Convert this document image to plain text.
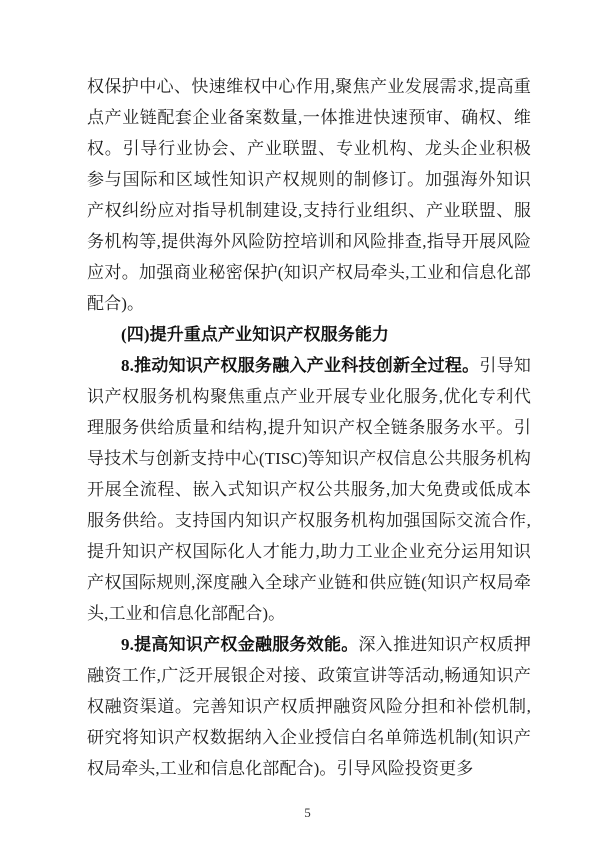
权保护中心、快速维权中心作用,聚焦产业发展需求,提高重点产业链配套企业备案数量,一体推进快速预审、确权、维权。引导行业协会、产业联盟、专业机构、龙头企业积极参与国际和区域性知识产权规则的制修订。加强海外知识产权纠纷应对指导机制建设,支持行业组织、产业联盟、服务机构等,提供海外风险防控培训和风险排查,指导开展风险应对。加强商业秘密保护(知识产权局牵头,工业和信息化部配合)。

(四)提升重点产业知识产权服务能力

8.推动知识产权服务融入产业科技创新全过程。引导知识产权服务机构聚焦重点产业开展专业化服务,优化专利代理服务供给质量和结构,提升知识产权全链条服务水平。引导技术与创新支持中心(TISC)等知识产权信息公共服务机构开展全流程、嵌入式知识产权公共服务,加大免费或低成本服务供给。支持国内知识产权服务机构加强国际交流合作,提升知识产权国际化人才能力,助力工业企业充分运用知识产权国际规则,深度融入全球产业链和供应链(知识产权局牵头,工业和信息化部配合)。

9.提高知识产权金融服务效能。深入推进知识产权质押融资工作,广泛开展银企对接、政策宣讲等活动,畅通知识产权融资渠道。完善知识产权质押融资风险分担和补偿机制,研究将知识产权数据纳入企业授信白名单筛选机制(知识产权局牵头,工业和信息化部配合)。引导风险投资更多

5
